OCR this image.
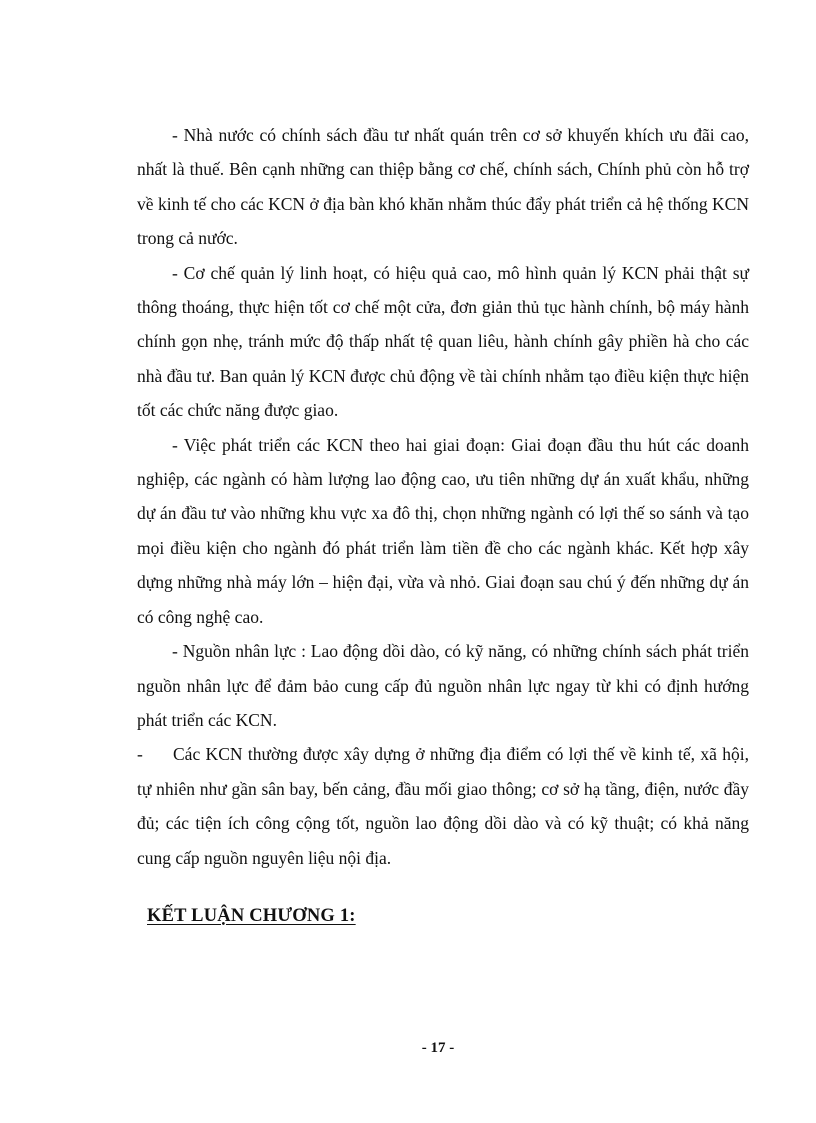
- Nhà nước có chính sách đầu tư nhất quán trên cơ sở khuyến khích ưu đãi cao, nhất là thuế. Bên cạnh những can thiệp bằng cơ chế, chính sách, Chính phủ còn hỗ trợ về kinh tế cho các KCN ở địa bàn khó khăn nhằm thúc đẩy phát triển cả hệ thống KCN trong cả nước.

- Cơ chế quản lý linh hoạt, có hiệu quả cao, mô hình quản lý KCN phải thật sự thông thoáng, thực hiện tốt cơ chế một cửa, đơn giản thủ tục hành chính, bộ máy hành chính gọn nhẹ, tránh mức độ thấp nhất tệ quan liêu, hành chính gây phiền hà cho các nhà đầu tư. Ban quản lý KCN được chủ động về tài chính nhằm tạo điều kiện thực hiện tốt các chức năng được giao.

- Việc phát triển các KCN theo hai giai đoạn: Giai đoạn đầu thu hút các doanh nghiệp, các ngành có hàm lượng lao động cao, ưu tiên những dự án xuất khẩu, những dự án đầu tư vào những khu vực xa đô thị, chọn những ngành có lợi thế so sánh và tạo mọi điều kiện cho ngành đó phát triển làm tiền đề cho các ngành khác. Kết hợp xây dựng những nhà máy lớn – hiện đại, vừa và nhỏ. Giai đoạn sau chú ý đến những dự án có công nghệ cao.

- Nguồn nhân lực : Lao động dồi dào, có kỹ năng, có những chính sách phát triển nguồn nhân lực để đảm bảo cung cấp đủ nguồn nhân lực ngay từ khi có định hướng phát triển các KCN.

- Các KCN thường được xây dựng ở những địa điểm có lợi thế về kinh tế, xã hội, tự nhiên như gần sân bay, bến cảng, đầu mối giao thông; cơ sở hạ tầng, điện, nước đầy đủ; các tiện ích công cộng tốt, nguồn lao động dồi dào và có kỹ thuật; có khả năng cung cấp nguồn nguyên liệu nội địa.

KẾT LUẬN CHƯƠNG 1:

- 17 -
